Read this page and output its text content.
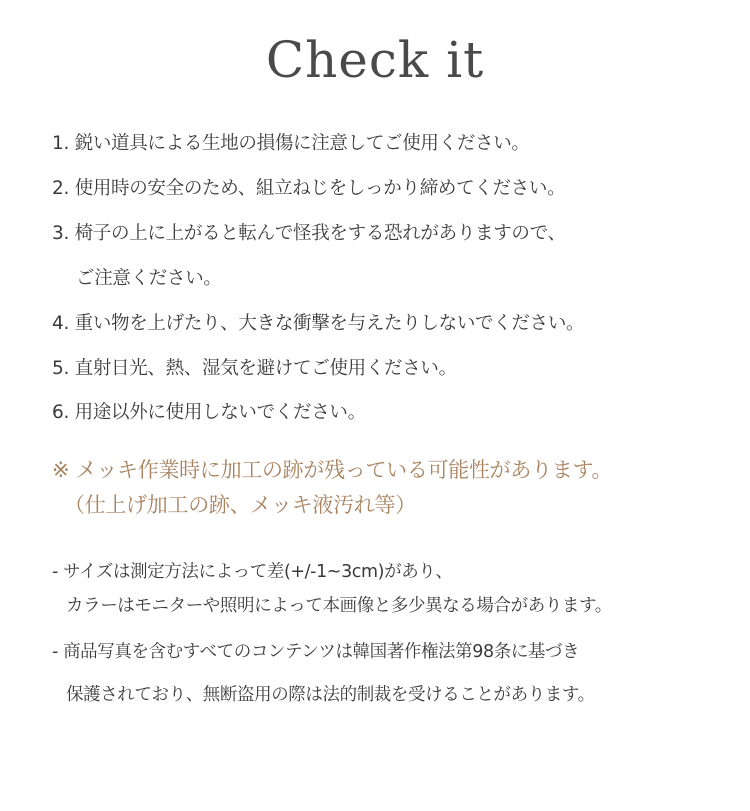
Check it
1. 鋭い道具による生地の損傷に注意してご使用ください。
2. 使用時の安全のため、組立ねじをしっかり締めてください。
3. 椅子の上に上がると転んで怪我をする恐れがありますので、
ご注意ください。
4. 重い物を上げたり、大きな衝撃を与えたりしないでください。
5. 直射日光、熱、湿気を避けてご使用ください。
6. 用途以外に使用しないでください。
※ メッキ作業時に加工の跡が残っている可能性があります。
（仕上げ加工の跡、メッキ液汚れ等）
- サイズは測定方法によって差(+/-1~3cm)があり、
カラーはモニターや照明によって本画像と多少異なる場合があります。
- 商品写真を含むすべてのコンテンツは韓国著作権法第98条に基づき
保護されており、無断盗用の際は法的制裁を受けることがあります。
